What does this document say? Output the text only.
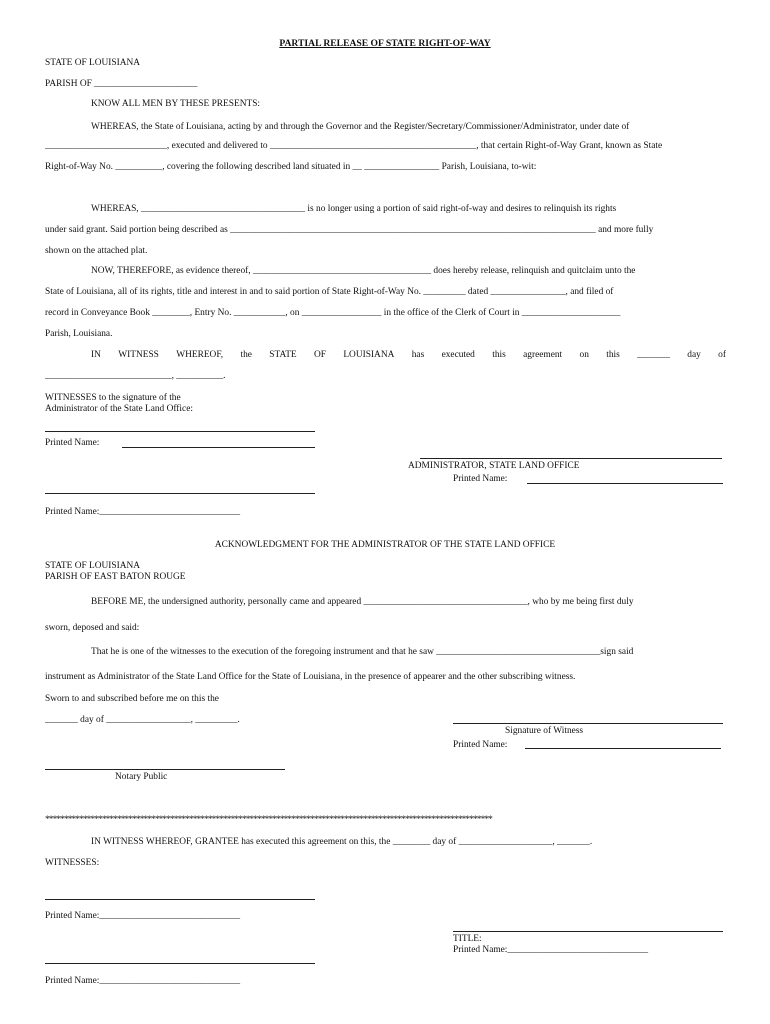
PARTIAL RELEASE OF STATE RIGHT-OF-WAY
STATE OF LOUISIANA
PARISH OF ______________________
KNOW ALL MEN BY THESE PRESENTS:
WHEREAS, the State of Louisiana, acting by and through the Governor and the Register/Secretary/Commissioner/Administrator, under date of
__________________________, executed and delivered to ____________________________________________, that certain Right-of-Way Grant, known as State
Right-of-Way No. __________, covering the following described land situated in __ ________________ Parish, Louisiana, to-wit:
WHEREAS, ___________________________________ is no longer using a portion of said right-of-way and desires to relinquish its rights
under said grant. Said portion being described as ______________________________________________________________________________ and more fully
shown on the attached plat.
NOW, THEREFORE, as evidence thereof, ______________________________________ does hereby release, relinquish and quitclaim unto the
State of Louisiana, all of its rights, title and interest in and to said portion of State Right-of-Way No. _________ dated ________________, and filed of
record in Conveyance Book ________, Entry No. ___________, on _________________ in the office of the Clerk of Court in _____________________
Parish, Louisiana.
IN WITNESS WHEREOF, the STATE OF LOUISIANA has executed this agreement on this _______ day of
___________________________, __________.
WITNESSES to the signature of the
Administrator of the State Land Office:
Printed Name:
ADMINISTRATOR, STATE LAND OFFICE
Printed Name:
Printed Name:______________________________
ACKNOWLEDGMENT FOR THE ADMINISTRATOR OF THE STATE LAND OFFICE
STATE OF LOUISIANA
PARISH OF EAST BATON ROUGE
BEFORE ME, the undersigned authority, personally came and appeared ___________________________________, who by me being first duly
sworn, deposed and said:
That he is one of the witnesses to the execution of the foregoing instrument and that he saw ___________________________________sign said
instrument as Administrator of the State Land Office for the State of Louisiana, in the presence of appearer and the other subscribing witness.
Sworn to and subscribed before me on this the
_______ day of __________________, _________.
Signature of Witness
Printed Name:
Notary Public
**********************************************************************************************************************
IN WITNESS WHEREOF, GRANTEE has executed this agreement on this, the ________ day of ____________________, _______.
WITNESSES:
Printed Name:______________________________
TITLE:
Printed Name:______________________________
Printed Name:______________________________
